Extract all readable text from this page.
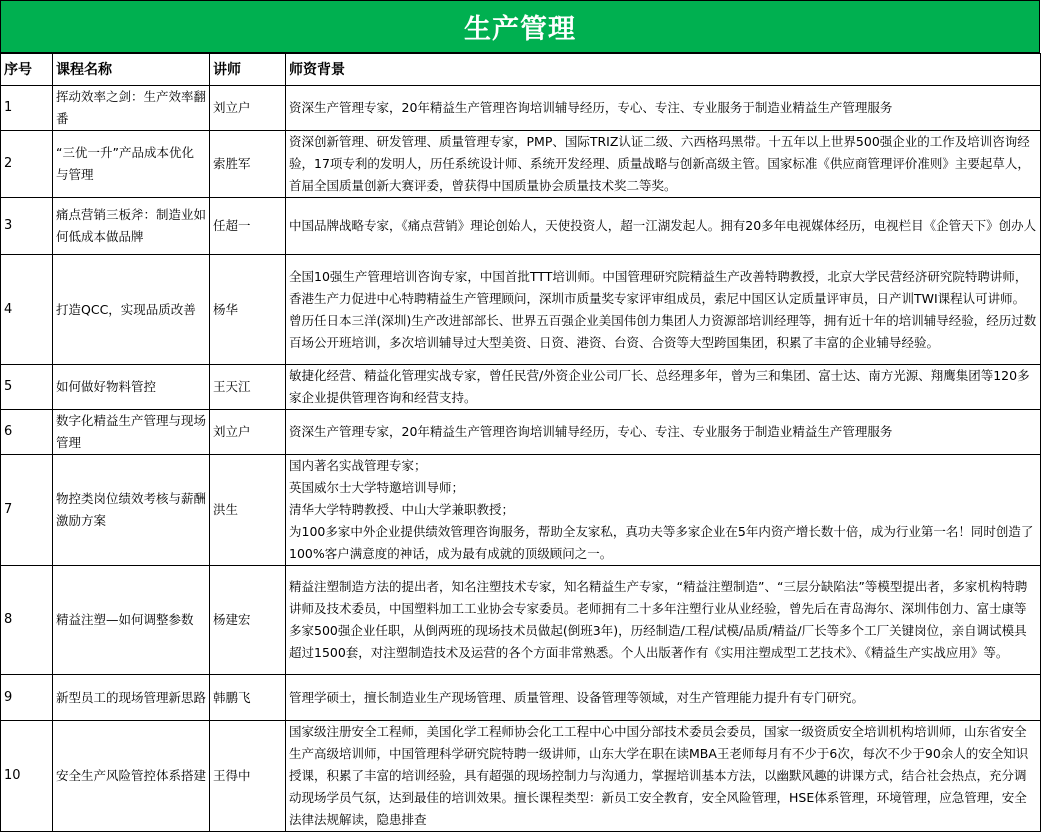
生产管理
序号	课程名称	讲师	师资背景
1	挥动效率之剑：生产效率翻番	刘立户	资深生产管理专家，20年精益生产管理咨询培训辅导经历，专心、专注、专业服务于制造业精益生产管理服务

2	“三优一升”产品成本优化与管理	索胜军	资深创新管理、研发管理、质量管理专家，PMP、国际TRIZ认证二级、六西格玛黑带。十五年以上世界500强企业的工作及培训咨询经验，17项专利的发明人，历任系统设计师、系统开发经理、质量战略与创新高级主管。国家标准《供应商管理评价准则》主要起草人，首届全国质量创新大赛评委，曾获得中国质量协会质量技术奖二等奖。

3	痛点营销三板斧：制造业如何低成本做品牌	任超一	中国品牌战略专家，《痛点营销》理论创始人，天使投资人，超一江湖发起人。拥有20多年电视媒体经历，电视栏目《企管天下》创办人

4	打造QCC，实现品质改善	杨华	全国10强生产管理培训咨询专家，中国首批TTT培训师。中国管理研究院精益生产改善特聘教授，北京大学民营经济研究院特聘讲师，香港生产力促进中心特聘精益生产管理顾问，深圳市质量奖专家评审组成员，索尼中国区认定质量评审员，日产训TWI课程认可讲师。曾历任日本三洋(深圳)生产改进部部长、世界五百强企业美国伟创力集团人力资源部培训经理等，拥有近十年的培训辅导经验，经历过数百场公开班培训，多次培训辅导过大型美资、日资、港资、台资、合资等大型跨国集团，积累了丰富的企业辅导经验。

5	如何做好物料管控	王天江	敏捷化经营、精益化管理实战专家，曾任民营/外资企业公司厂长、总经理多年，曾为三和集团、富士达、南方光源、翔鹰集团等120多家企业提供管理咨询和经营支持。

6	数字化精益生产管理与现场管理	刘立户	资深生产管理专家，20年精益生产管理咨询培训辅导经历，专心、专注、专业服务于制造业精益生产管理服务

7	物控类岗位绩效考核与薪酬激励方案	洪生	国内著名实战管理专家；
英国威尔士大学特邀培训导师；
清华大学特聘教授、中山大学兼职教授；
为100多家中外企业提供绩效管理咨询服务，帮助全友家私，真功夫等多家企业在5年内资产增长数十倍，成为行业第一名！同时创造了100%客户满意度的神话，成为最有成就的顶级顾问之一。

8	精益注塑—如何调整参数	杨建宏	精益注塑制造方法的提出者，知名注塑技术专家，知名精益生产专家，“精益注塑制造”、“三层分缺陷法”等模型提出者，多家机构特聘讲师及技术委员，中国塑料加工工业协会专家委员。老师拥有二十多年注塑行业从业经验，曾先后在青岛海尔、深圳伟创力、富士康等多家500强企业任职，从倒两班的现场技术员做起(倒班3年)，历经制造/工程/试模/品质/精益/厂长等多个工厂关键岗位，亲自调试模具超过1500套，对注塑制造技术及运营的各个方面非常熟悉。个人出版著作有《实用注塑成型工艺技术》、《精益生产实战应用》等。

9	新型员工的现场管理新思路	韩鹏飞	管理学硕士，擅长制造业生产现场管理、质量管理、设备管理等领域，对生产管理能力提升有专门研究。

10	安全生产风险管控体系搭建	王得中	国家级注册安全工程师，美国化学工程师协会化工工程中心中国分部技术委员会委员，国家一级资质安全培训机构培训师，山东省安全生产高级培训师，中国管理科学研究院特聘一级讲师，山东大学在职在读MBA王老师每月有不少于6次，每次不少于90余人的安全知识授课，积累了丰富的培训经验，具有超强的现场控制力与沟通力，掌握培训基本方法，以幽默风趣的讲课方式，结合社会热点，充分调动现场学员气氛，达到最佳的培训效果。擅长课程类型：新员工安全教育，安全风险管理，HSE体系管理，环境管理，应急管理，安全法律法规解读，隐患排查
